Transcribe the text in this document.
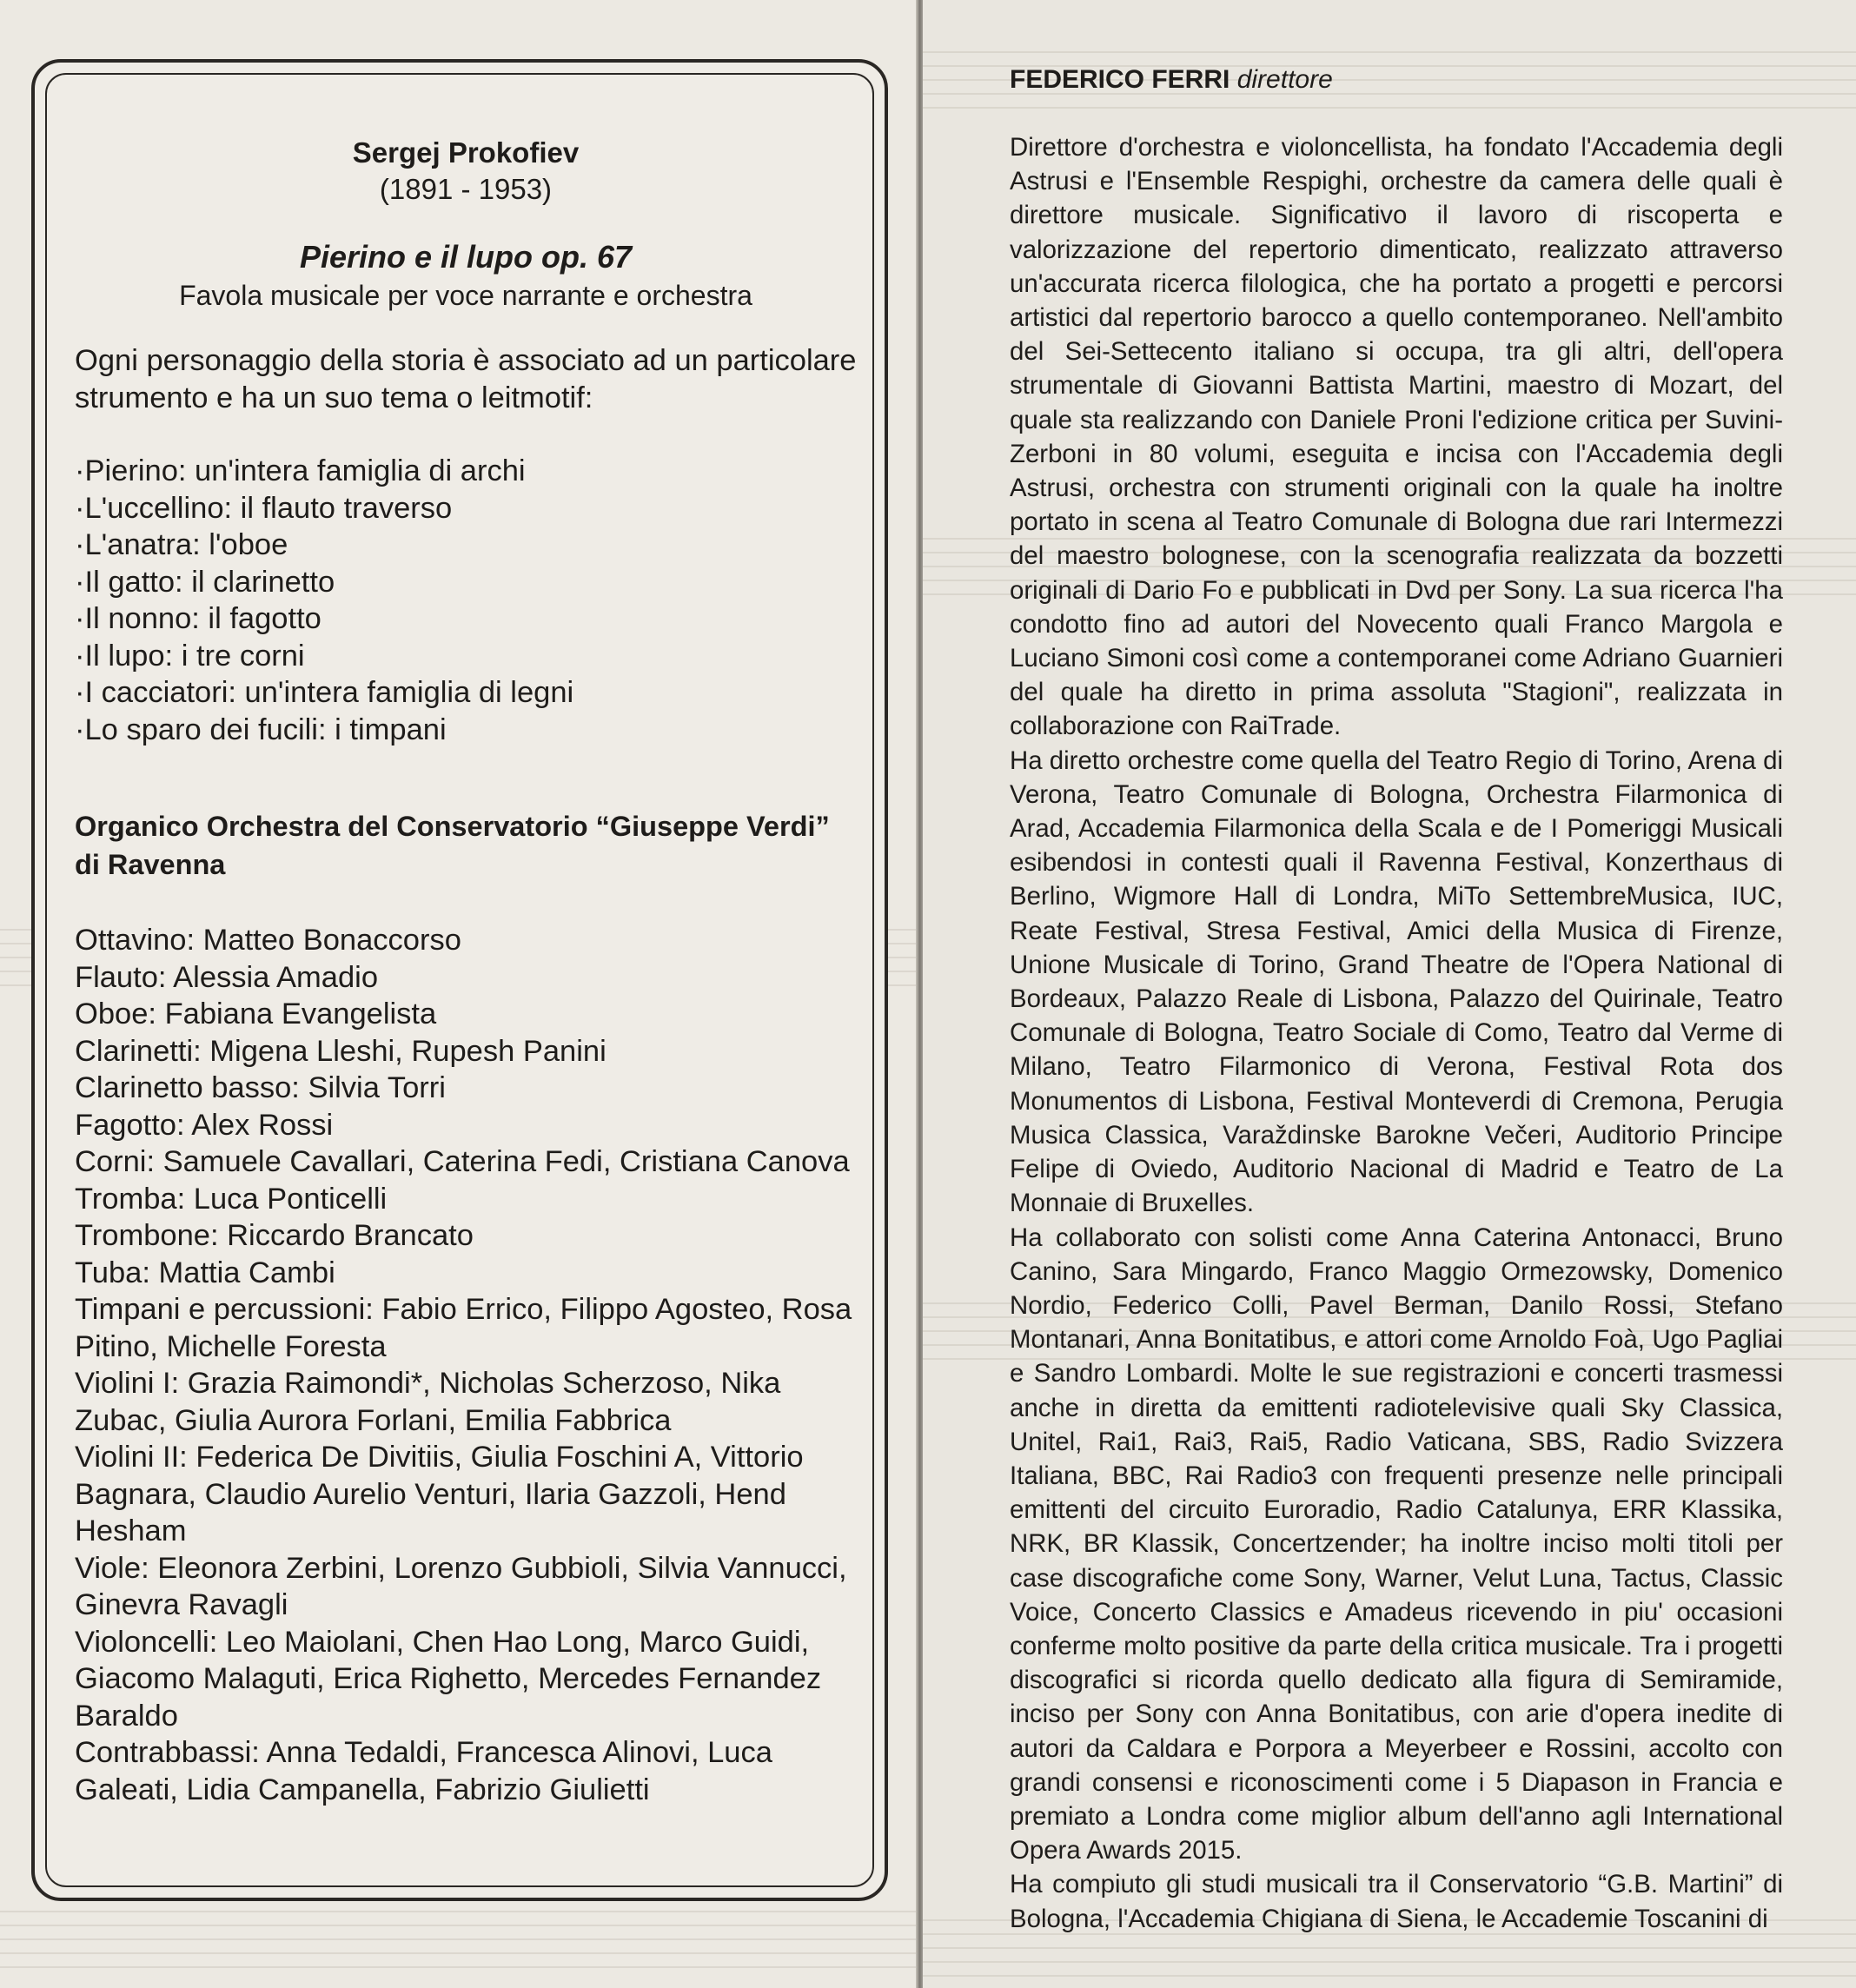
Sergej Prokofiev

(1891 - 1953)

Pierino e il lupo op. 67

Favola musicale per voce narrante e orchestra

Ogni personaggio della storia è associato ad un particolare strumento e ha un suo tema o leitmotif:

·Pierino: un'intera famiglia di archi
·L'uccellino: il flauto traverso
·L'anatra: l'oboe
·Il gatto: il clarinetto
·Il nonno: il fagotto
·Il lupo: i tre corni
·I cacciatori: un'intera famiglia di legni
·Lo sparo dei fucili: i timpani

Organico Orchestra del Conservatorio “Giuseppe Verdi” di Ravenna

Ottavino: Matteo Bonaccorso
Flauto: Alessia Amadio
Oboe: Fabiana Evangelista
Clarinetti: Migena Lleshi, Rupesh Panini
Clarinetto basso: Silvia Torri
Fagotto: Alex Rossi
Corni: Samuele Cavallari, Caterina Fedi, Cristiana Canova
Tromba: Luca Ponticelli
Trombone: Riccardo Brancato
Tuba: Mattia Cambi
Timpani e percussioni: Fabio Errico, Filippo Agosteo, Rosa Pitino, Michelle Foresta
Violini I: Grazia Raimondi*, Nicholas Scherzoso, Nika Zubac, Giulia Aurora Forlani, Emilia Fabbrica
Violini II: Federica De Divitiis, Giulia Foschini A, Vittorio Bagnara, Claudio Aurelio Venturi, Ilaria Gazzoli, Hend Hesham
Viole: Eleonora Zerbini, Lorenzo Gubbioli, Silvia Vannucci, Ginevra Ravagli
Violoncelli: Leo Maiolani, Chen Hao Long, Marco Guidi, Giacomo Malaguti, Erica Righetto, Mercedes Fernandez Baraldo
Contrabbassi: Anna Tedaldi, Francesca Alinovi, Luca Galeati, Lidia Campanella, Fabrizio Giulietti

FEDERICO FERRI direttore

Direttore d'orchestra e violoncellista, ha fondato l'Accademia degli Astrusi e l'Ensemble Respighi, orchestre da camera delle quali è direttore musicale. Significativo il lavoro di riscoperta e valorizzazione del repertorio dimenticato, realizzato attraverso un'accurata ricerca filologica, che ha portato a progetti e percorsi artistici dal repertorio barocco a quello contemporaneo. Nell'ambito del Sei-Settecento italiano si occupa, tra gli altri, dell'opera strumentale di Giovanni Battista Martini, maestro di Mozart, del quale sta realizzando con Daniele Proni l'edizione critica per Suvini-Zerboni in 80 volumi, eseguita e incisa con l'Accademia degli Astrusi, orchestra con strumenti originali con la quale ha inoltre portato in scena al Teatro Comunale di Bologna due rari Intermezzi del maestro bolognese, con la scenografia realizzata da bozzetti originali di Dario Fo e pubblicati in Dvd per Sony. La sua ricerca l'ha condotto fino ad autori del Novecento quali Franco Margola e Luciano Simoni così come a contemporanei come Adriano Guarnieri del quale ha diretto in prima assoluta "Stagioni", realizzata in collaborazione con RaiTrade.

Ha diretto orchestre come quella del Teatro Regio di Torino, Arena di Verona, Teatro Comunale di Bologna, Orchestra Filarmonica di Arad, Accademia Filarmonica della Scala e de I Pomeriggi Musicali esibendosi in contesti quali il Ravenna Festival, Konzerthaus di Berlino, Wigmore Hall di Londra, MiTo SettembreMusica, IUC, Reate Festival, Stresa Festival, Amici della Musica di Firenze, Unione Musicale di Torino, Grand Theatre de l'Opera National di Bordeaux, Palazzo Reale di Lisbona, Palazzo del Quirinale, Teatro Comunale di Bologna, Teatro Sociale di Como, Teatro dal Verme di Milano, Teatro Filarmonico di Verona, Festival Rota dos Monumentos di Lisbona, Festival Monteverdi di Cremona, Perugia Musica Classica, Varaždinske Barokne Večeri, Auditorio Principe Felipe di Oviedo, Auditorio Nacional di Madrid e Teatro de La Monnaie di Bruxelles.

Ha collaborato con solisti come Anna Caterina Antonacci, Bruno Canino, Sara Mingardo, Franco Maggio Ormezowsky, Domenico Nordio, Federico Colli, Pavel Berman, Danilo Rossi, Stefano Montanari, Anna Bonitatibus, e attori come Arnoldo Foà, Ugo Pagliai e Sandro Lombardi. Molte le sue registrazioni e concerti trasmessi anche in diretta da emittenti radiotelevisive quali Sky Classica, Unitel, Rai1, Rai3, Rai5, Radio Vaticana, SBS, Radio Svizzera Italiana, BBC, Rai Radio3 con frequenti presenze nelle principali emittenti del circuito Euroradio, Radio Catalunya, ERR Klassika, NRK, BR Klassik, Concertzender; ha inoltre inciso molti titoli per case discografiche come Sony, Warner, Velut Luna, Tactus, Classic Voice, Concerto Classics e Amadeus ricevendo in piu' occasioni conferme molto positive da parte della critica musicale. Tra i progetti discografici si ricorda quello dedicato alla figura di Semiramide, inciso per Sony con Anna Bonitatibus, con arie d'opera inedite di autori da Caldara e Porpora a Meyerbeer e Rossini, accolto con grandi consensi e riconoscimenti come i 5 Diapason in Francia e premiato a Londra come miglior album dell'anno agli International Opera Awards 2015.

Ha compiuto gli studi musicali tra il Conservatorio “G.B. Martini” di Bologna, l'Accademia Chigiana di Siena, le Accademie Toscanini di
